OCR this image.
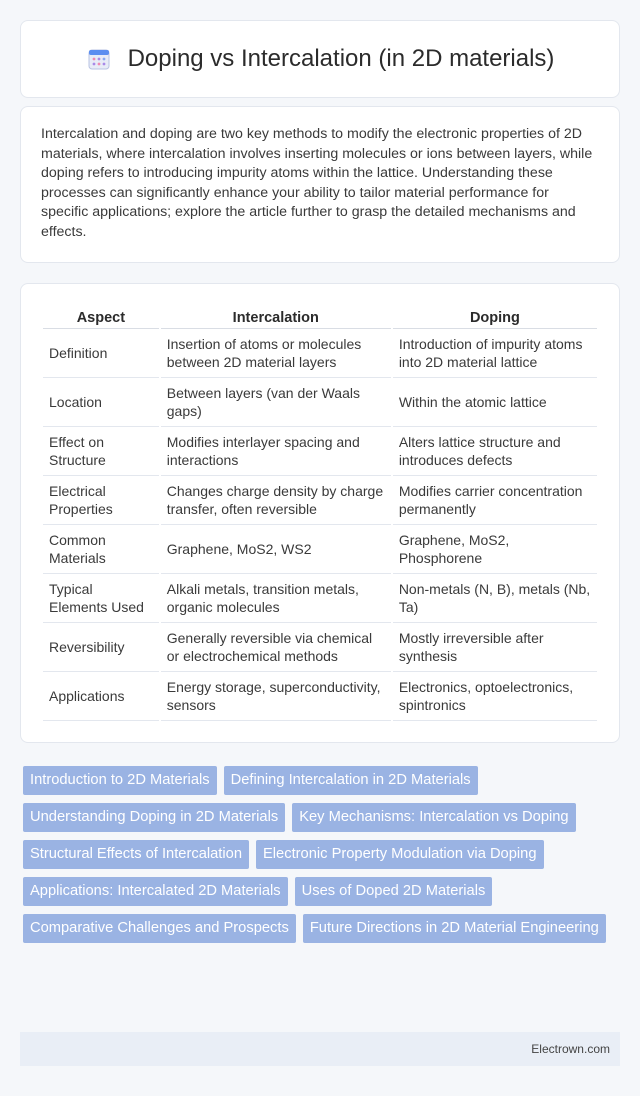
Doping vs Intercalation (in 2D materials)

Intercalation and doping are two key methods to modify the electronic properties of 2D materials, where intercalation involves inserting molecules or ions between layers, while doping refers to introducing impurity atoms within the lattice. Understanding these processes can significantly enhance your ability to tailor material performance for specific applications; explore the article further to grasp the detailed mechanisms and effects.

Aspect	Intercalation	Doping
Definition	Insertion of atoms or molecules between 2D material layers	Introduction of impurity atoms into 2D material lattice
Location	Between layers (van der Waals gaps)	Within the atomic lattice
Effect on Structure	Modifies interlayer spacing and interactions	Alters lattice structure and introduces defects
Electrical Properties	Changes charge density by charge transfer, often reversible	Modifies carrier concentration permanently
Common Materials	Graphene, MoS2, WS2	Graphene, MoS2, Phosphorene
Typical Elements Used	Alkali metals, transition metals, organic molecules	Non-metals (N, B), metals (Nb, Ta)
Reversibility	Generally reversible via chemical or electrochemical methods	Mostly irreversible after synthesis
Applications	Energy storage, superconductivity, sensors	Electronics, optoelectronics, spintronics
Introduction to 2D Materials	Defining Intercalation in 2D Materials
Understanding Doping in 2D Materials	Key Mechanisms: Intercalation vs Doping
Structural Effects of Intercalation	Electronic Property Modulation via Doping
Applications: Intercalated 2D Materials	Uses of Doped 2D Materials
Comparative Challenges and Prospects	Future Directions in 2D Material Engineering
Electrown.com
